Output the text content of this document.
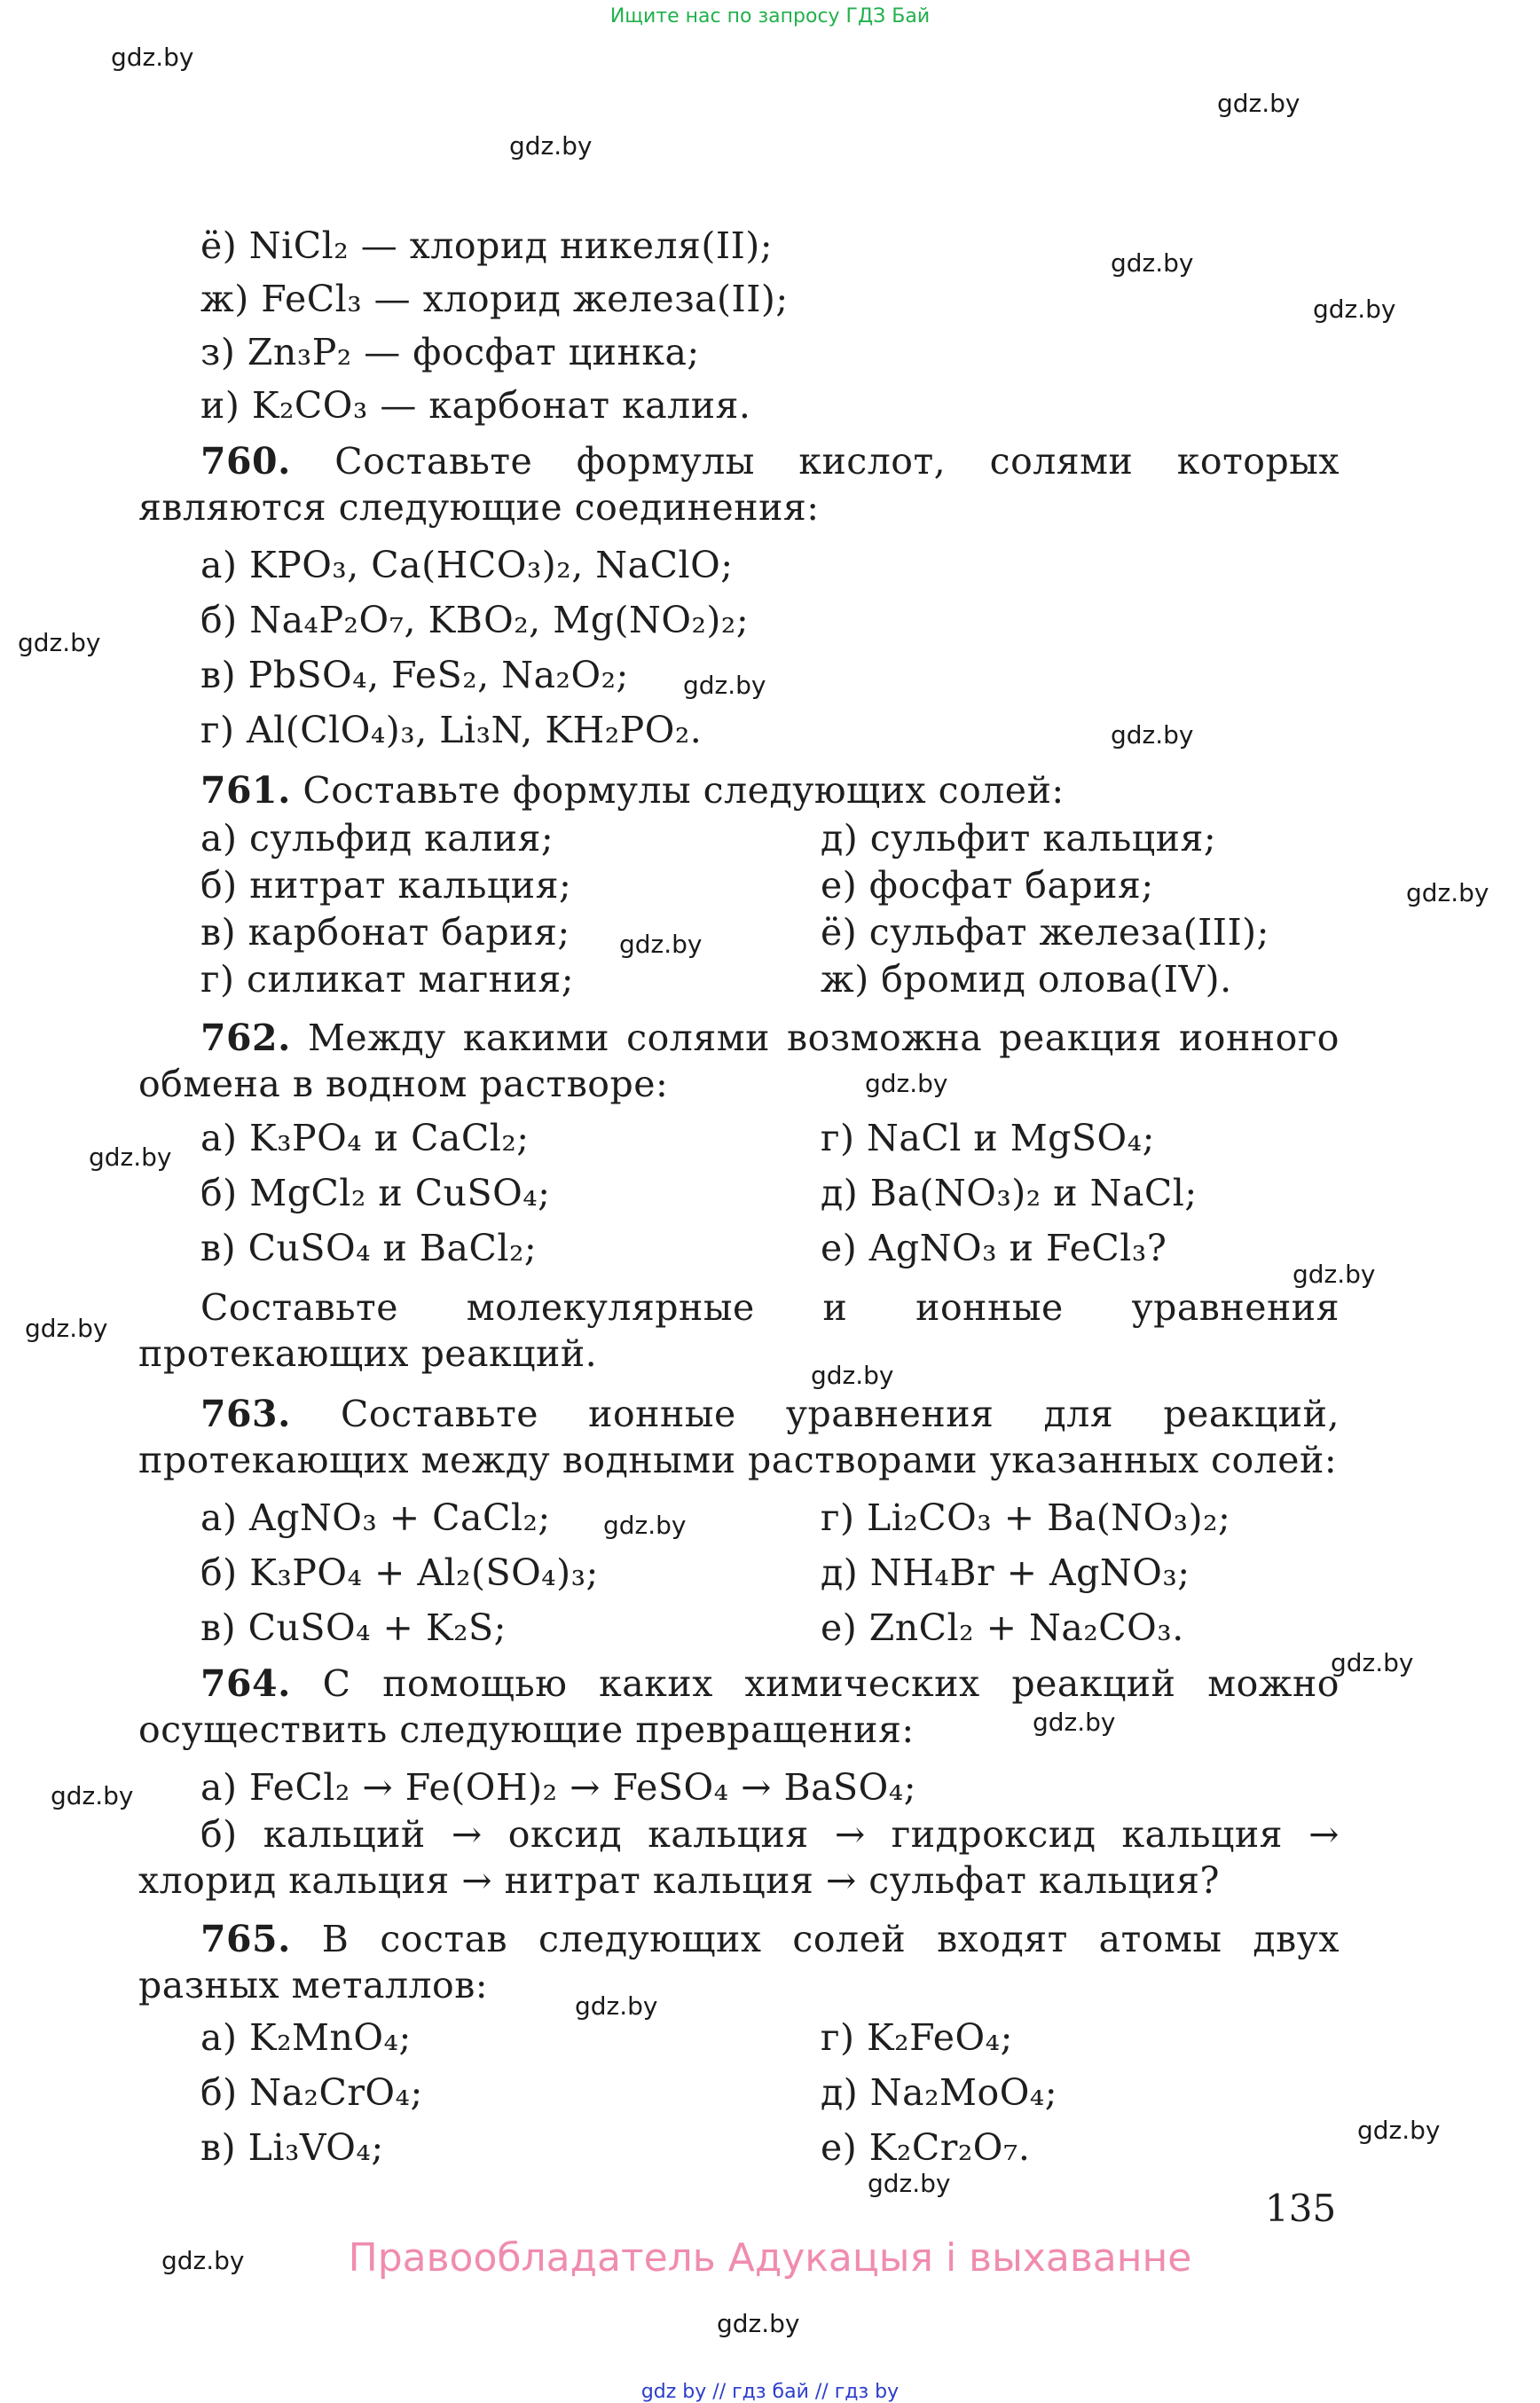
Ищите нас по запросу ГДЗ Бай
gdz.by
gdz.by
gdz.by
gdz.by
gdz.by
gdz.by
gdz.by
gdz.by
gdz.by
gdz.by
gdz.by
gdz.by
gdz.by
gdz.by
gdz.by
gdz.by
gdz.by
gdz.by
gdz.by
gdz.by
gdz.by
gdz.by
gdz.by
gdz.by
ё) NiCl₂ — хлорид никеля(II);
ж) FeCl₃ — хлорид железа(II);
з) Zn₃P₂ — фосфат цинка;
и) K₂CO₃ — карбонат калия.
760. Составьте формулы кислот, солями которых являются следующие соединения:
а) KPO₃, Ca(HCO₃)₂, NaClO;
б) Na₄P₂O₇, KBO₂, Mg(NO₂)₂;
в) PbSO₄, FeS₂, Na₂O₂;
г) Al(ClO₄)₃, Li₃N, KH₂PO₂.
761. Составьте формулы следующих солей:
а) сульфид калия;
б) нитрат кальция;
в) карбонат бария;
г) силикат магния;
д) сульфит кальция;
е) фосфат бария;
ё) сульфат железа(III);
ж) бромид олова(IV).
762. Между какими солями возможна реакция ионного обмена в водном растворе:
а) K₃PO₄ и CaCl₂;
б) MgCl₂ и CuSO₄;
в) CuSO₄ и BaCl₂;
г) NaCl и MgSO₄;
д) Ba(NO₃)₂ и NaCl;
е) AgNO₃ и FeCl₃?
Составьте молекулярные и ионные уравнения протекающих реакций.
763. Составьте ионные уравнения для реакций, протекающих между водными растворами указанных солей:
а) AgNO₃ + CaCl₂;
б) K₃PO₄ + Al₂(SO₄)₃;
в) CuSO₄ + K₂S;
г) Li₂CO₃ + Ba(NO₃)₂;
д) NH₄Br + AgNO₃;
е) ZnCl₂ + Na₂CO₃.
764. С помощью каких химических реакций можно осуществить следующие превращения:
а) FeCl₂ → Fe(OH)₂ → FeSO₄ → BaSO₄;
б) кальций → оксид кальция → гидроксид кальция → хлорид кальция → нитрат кальция → сульфат кальция?
765. В состав следующих солей входят атомы двух разных металлов:
а) K₂MnO₄;
б) Na₂CrO₄;
в) Li₃VO₄;
г) K₂FeO₄;
д) Na₂MoO₄;
е) K₂Cr₂O₇.
135
Правообладатель Адукацыя і выхаванне
gdz by // гдз бай // гдз by
